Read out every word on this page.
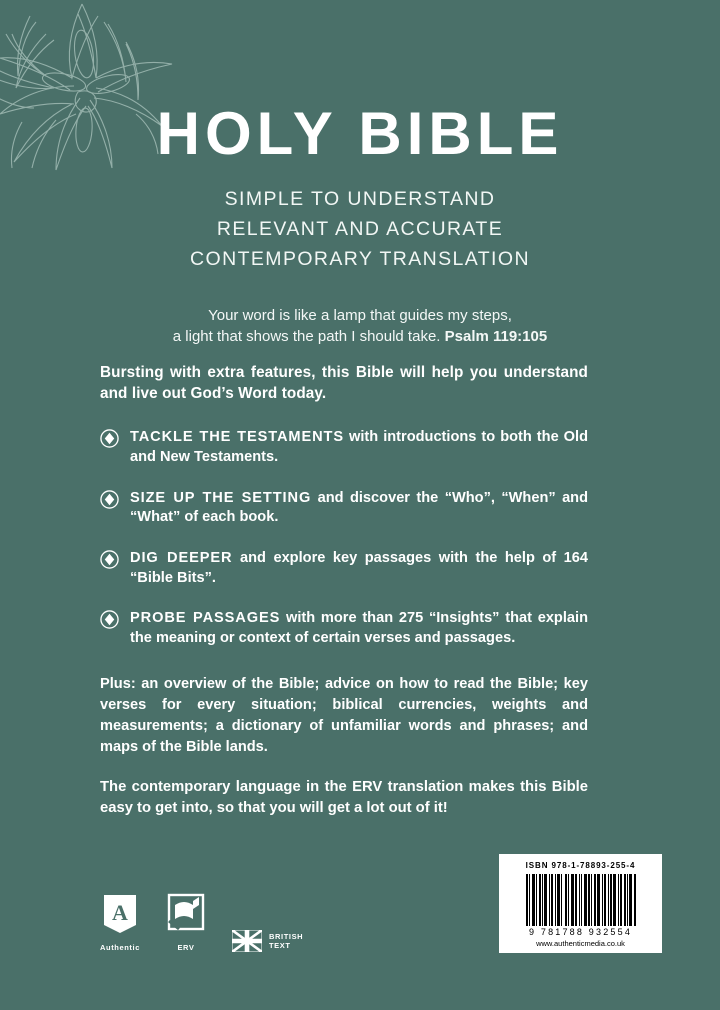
HOLY BIBLE
SIMPLE TO UNDERSTAND
RELEVANT AND ACCURATE
CONTEMPORARY TRANSLATION
Your word is like a lamp that guides my steps,
a light that shows the path I should take. Psalm 119:105

Bursting with extra features, this Bible will help you understand and live out God’s Word today.

TACKLE THE TESTAMENTS with introductions to both the Old and New Testaments.
SIZE UP THE SETTING and discover the “Who”, “When” and “What” of each book.
DIG DEEPER and explore key passages with the help of 164 “Bible Bits”.
PROBE PASSAGES with more than 275 “Insights” that explain the meaning or context of certain verses and passages.

Plus: an overview of the Bible; advice on how to read the Bible; key verses for every situation; biblical currencies, weights and measurements; a dictionary of unfamiliar words and phrases; and maps of the Bible lands.

The contemporary language in the ERV translation makes this Bible easy to get into, so that you will get a lot out of it!

A
Authentic	ERV
BRITISH
TEXT
ISBN 978-1-78893-255-4
9 781788 932554
www.authenticmedia.co.uk
